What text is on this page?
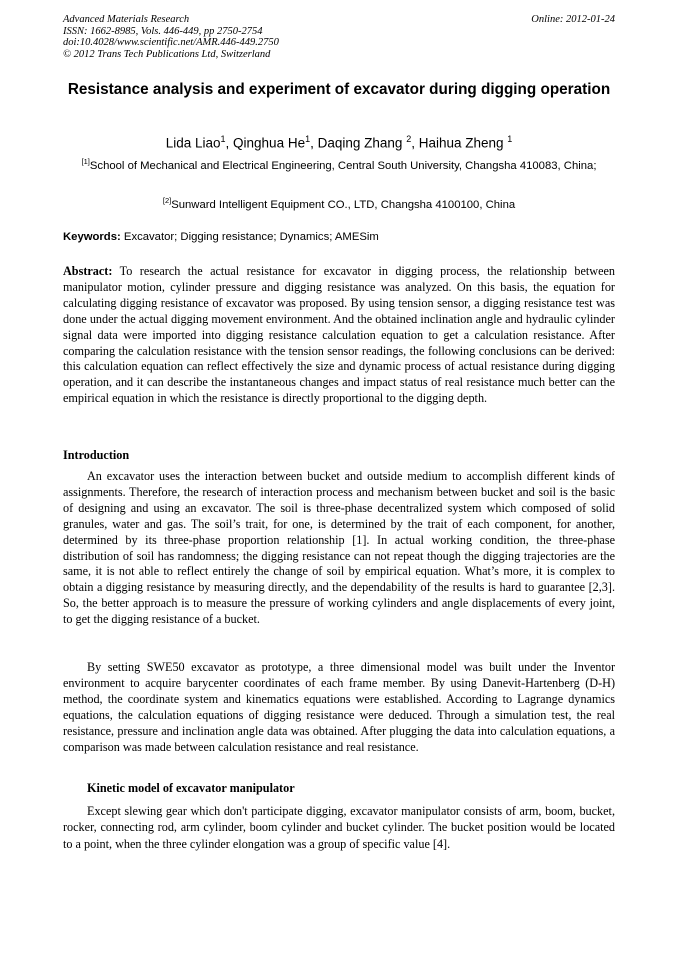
Advanced Materials Research	Online: 2012-01-24
ISSN: 1662-8985, Vols. 446-449, pp 2750-2754
doi:10.4028/www.scientific.net/AMR.446-449.2750
© 2012 Trans Tech Publications Ltd, Switzerland
Resistance analysis and experiment of excavator during digging operation
Lida Liao$^1$, Qinghua He$^1$, Daqing Zhang $^2$, Haihua Zheng $^1$
[1]School of Mechanical and Electrical Engineering, Central South University, Changsha 410083, China;
[2]Sunward Intelligent Equipment CO., LTD, Changsha 4100100, China
Keywords: Excavator; Digging resistance; Dynamics; AMESim
Abstract: To research the actual resistance for excavator in digging process, the relationship between manipulator motion, cylinder pressure and digging resistance was analyzed. On this basis, the equation for calculating digging resistance of excavator was proposed. By using tension sensor, a digging resistance test was done under the actual digging movement environment. And the obtained inclination angle and hydraulic cylinder signal data were imported into digging resistance calculation equation to get a calculation resistance. After comparing the calculation resistance with the tension sensor readings, the following conclusions can be derived: this calculation equation can reflect effectively the size and dynamic process of actual resistance during digging operation, and it can describe the instantaneous changes and impact status of real resistance much better can the empirical equation in which the resistance is directly proportional to the digging depth.
Introduction
An excavator uses the interaction between bucket and outside medium to accomplish different kinds of assignments. Therefore, the research of interaction process and mechanism between bucket and soil is the basic of designing and using an excavator. The soil is three-phase decentralized system which composed of solid granules, water and gas. The soil’s trait, for one, is determined by the trait of each component, for another, determined by its three-phase proportion relationship [1]. In actual working condition, the three-phase distribution of soil has randomness; the digging resistance can not repeat though the digging trajectories are the same, it is not able to reflect entirely the change of soil by empirical equation. What’s more, it is complex to obtain a digging resistance by measuring directly, and the dependability of the results is hard to guarantee [2,3]. So, the better approach is to measure the pressure of working cylinders and angle displacements of every joint, to get the digging resistance of a bucket.
By setting SWE50 excavator as prototype, a three dimensional model was built under the Inventor environment to acquire barycenter coordinates of each frame member. By using Danevit-Hartenberg (D-H) method, the coordinate system and kinematics equations were established. According to Lagrange dynamics equations, the calculation equations of digging resistance were deduced. Through a simulation test, the real resistance, pressure and inclination angle data was obtained. After plugging the data into calculation equations, a comparison was made between calculation resistance and real resistance.
Kinetic model of excavator manipulator
Except slewing gear which don't participate digging, excavator manipulator consists of arm, boom, bucket, rocker, connecting rod, arm cylinder, boom cylinder and bucket cylinder. The bucket position would be located to a point, when the three cylinder elongation was a group of specific value [4].
